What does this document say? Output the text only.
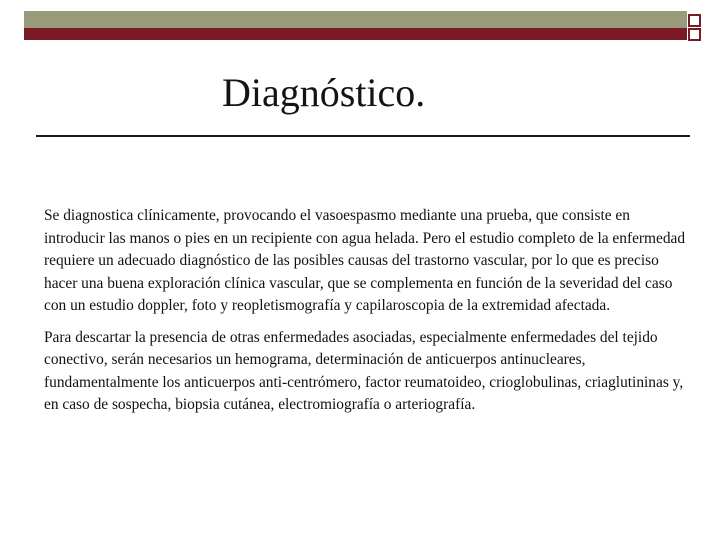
Diagnóstico.

Se diagnostica clínicamente, provocando el vasoespasmo mediante una prueba, que consiste en introducir las manos o pies en un recipiente con agua helada. Pero el estudio completo de la enfermedad requiere un adecuado diagnóstico de las posibles causas del trastorno vascular, por lo que es preciso hacer una buena exploración clínica vascular, que se complementa en función de la severidad del caso con un estudio doppler, foto y reopletismografía y capilaroscopia de la extremidad afectada.

Para descartar la presencia de otras enfermedades asociadas, especialmente enfermedades del tejido conectivo, serán necesarios un hemograma, determinación de anticuerpos antinucleares, fundamentalmente los anticuerpos anti-centrómero, factor reumatoideo, crioglobulinas, criaglutininas y, en caso de sospecha, biopsia cutánea, electromiografía o arteriografía.
